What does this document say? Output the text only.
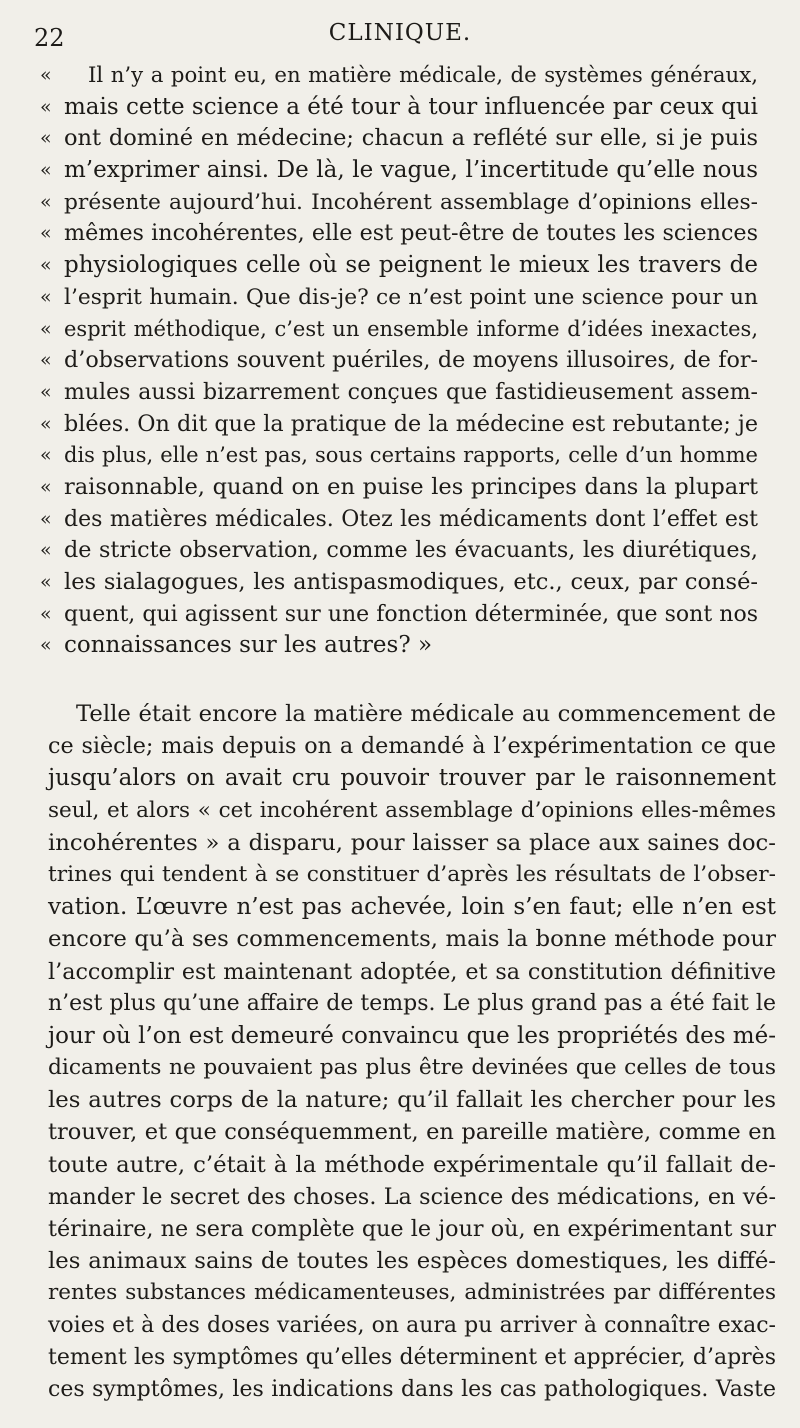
22	CLINIQUE.
« Il n’y a point eu, en matière médicale, de systèmes généraux,
« mais cette science a été tour à tour influencée par ceux qui
« ont dominé en médecine; chacun a reflété sur elle, si je puis
« m’exprimer ainsi. De là, le vague, l’incertitude qu’elle nous
« présente aujourd’hui. Incohérent assemblage d’opinions elles-
« mêmes incohérentes, elle est peut-être de toutes les sciences
« physiologiques celle où se peignent le mieux les travers de
« l’esprit humain. Que dis-je? ce n’est point une science pour un
« esprit méthodique, c’est un ensemble informe d’idées inexactes,
« d’observations souvent puériles, de moyens illusoires, de for-
« mules aussi bizarrement conçues que fastidieusement assem-
« blées. On dit que la pratique de la médecine est rebutante; je
« dis plus, elle n’est pas, sous certains rapports, celle d’un homme
« raisonnable, quand on en puise les principes dans la plupart
« des matières médicales. Otez les médicaments dont l’effet est
« de stricte observation, comme les évacuants, les diurétiques,
« les sialagogues, les antispasmodiques, etc., ceux, par consé-
« quent, qui agissent sur une fonction déterminée, que sont nos
« connaissances sur les autres? »
Telle était encore la matière médicale au commencement de
ce siècle; mais depuis on a demandé à l’expérimentation ce que
jusqu’alors on avait cru pouvoir trouver par le raisonnement
seul, et alors « cet incohérent assemblage d’opinions elles-mêmes
incohérentes » a disparu, pour laisser sa place aux saines doc-
trines qui tendent à se constituer d’après les résultats de l’obser-
vation. L’œuvre n’est pas achevée, loin s’en faut; elle n’en est
encore qu’à ses commencements, mais la bonne méthode pour
l’accomplir est maintenant adoptée, et sa constitution définitive
n’est plus qu’une affaire de temps. Le plus grand pas a été fait le
jour où l’on est demeuré convaincu que les propriétés des mé-
dicaments ne pouvaient pas plus être devinées que celles de tous
les autres corps de la nature; qu’il fallait les chercher pour les
trouver, et que conséquemment, en pareille matière, comme en
toute autre, c’était à la méthode expérimentale qu’il fallait de-
mander le secret des choses. La science des médications, en vé-
térinaire, ne sera complète que le jour où, en expérimentant sur
les animaux sains de toutes les espèces domestiques, les diffé-
rentes substances médicamenteuses, administrées par différentes
voies et à des doses variées, on aura pu arriver à connaître exac-
tement les symptômes qu’elles déterminent et apprécier, d’après
ces symptômes, les indications dans les cas pathologiques. Vaste
